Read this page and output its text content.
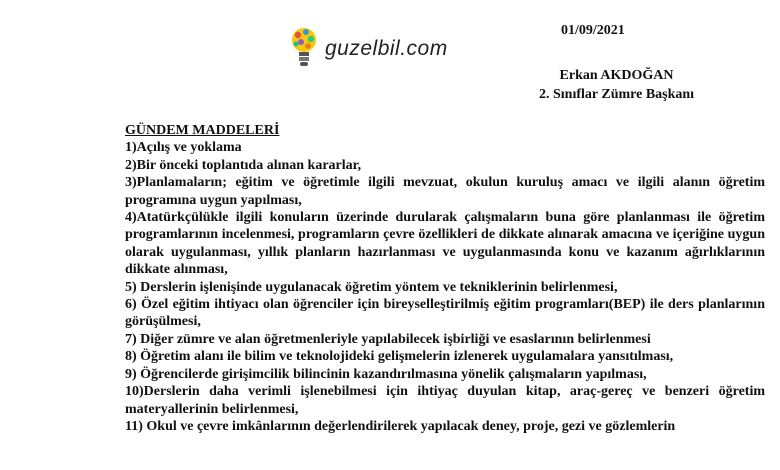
guzelbil.com
01/09/2021
Erkan AKDOĞAN
2. Sınıflar Zümre Başkanı
GÜNDEM MADDELERİ
1)Açılış ve yoklama
2)Bir önceki toplantıda alınan kararlar,
3)Planlamaların; eğitim ve öğretimle ilgili mevzuat, okulun kuruluş amacı ve ilgili alanın öğretim programına uygun yapılması,
4)Atatürkçülükle ilgili konuların üzerinde durularak çalışmaların buna göre planlanması ile öğretim programlarının incelenmesi, programların çevre özellikleri de dikkate alınarak amacına ve içeriğine uygun olarak uygulanması, yıllık planların hazırlanması ve uygulanmasında konu ve kazanım ağırlıklarının dikkate alınması,
5) Derslerin işlenişinde uygulanacak öğretim yöntem ve tekniklerinin belirlenmesi,
6) Özel eğitim ihtiyacı olan öğrenciler için bireyselleştirilmiş eğitim programları(BEP) ile ders planlarının görüşülmesi,
7) Diğer zümre ve alan öğretmenleriyle yapılabilecek işbirliği ve esaslarının belirlenmesi
8) Öğretim alanı ile bilim ve teknolojideki gelişmelerin izlenerek uygulamalara yansıtılması,
9) Öğrencilerde girişimcilik bilincinin kazandırılmasına yönelik çalışmaların yapılması,
10)Derslerin daha verimli işlenebilmesi için ihtiyaç duyulan kitap, araç-gereç ve benzeri öğretim materyallerinin belirlenmesi,
11) Okul ve çevre imkânlarının değerlendirilerek yapılacak deney, proje, gezi ve gözlemlerin
